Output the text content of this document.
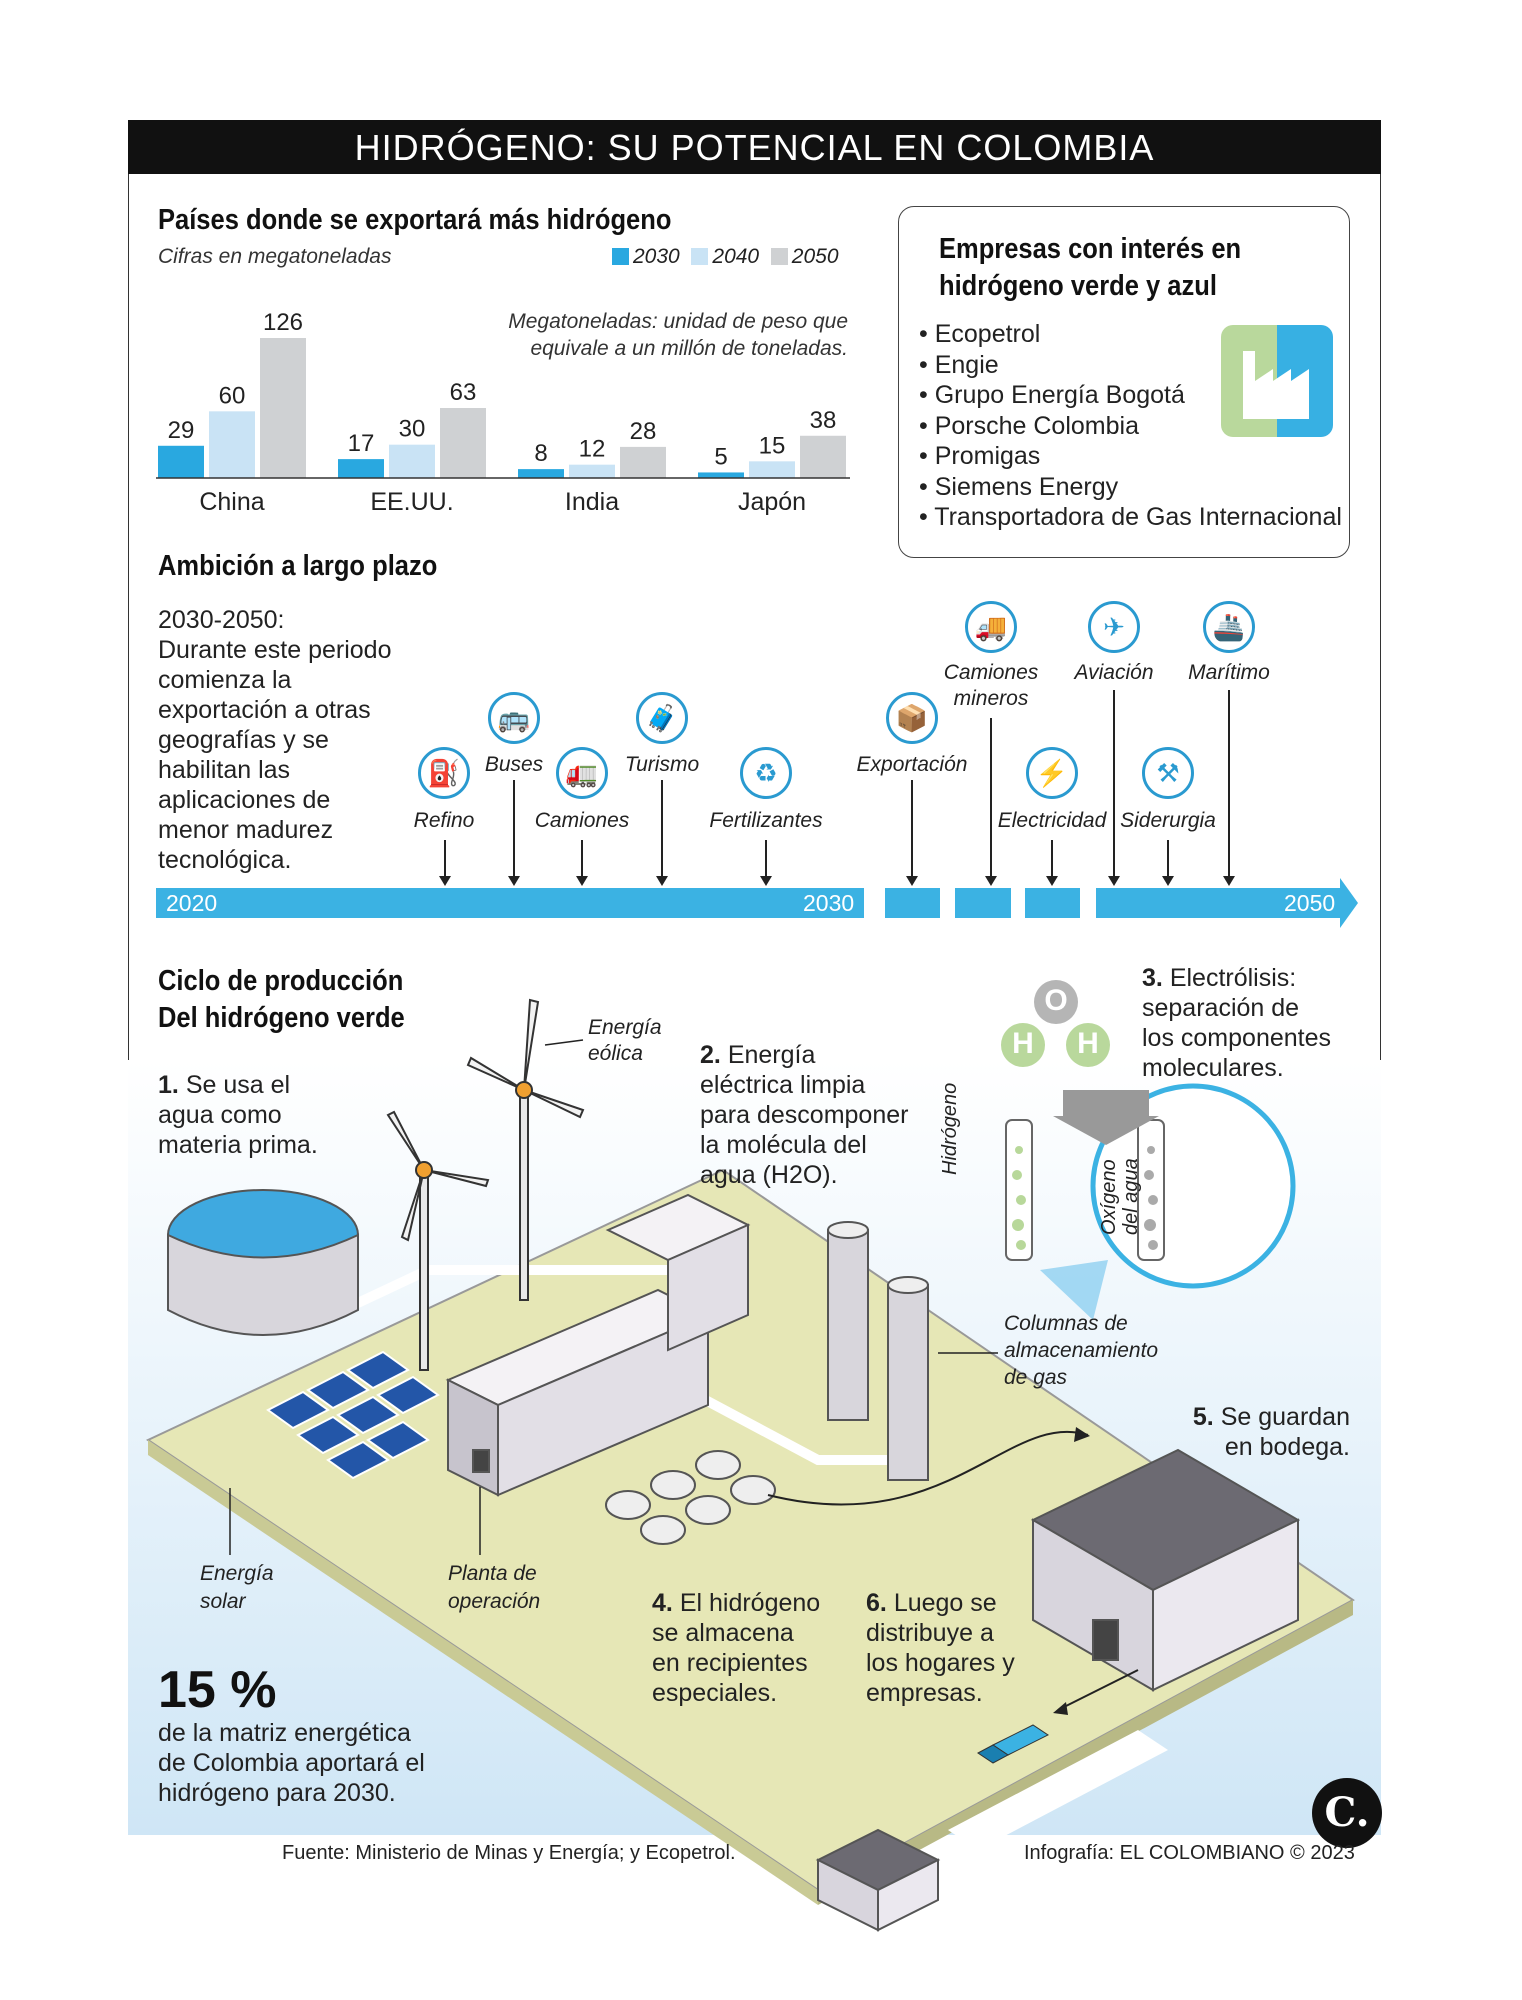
HIDRÓGENO: SU POTENCIAL EN COLOMBIA
Países donde se exportará más hidrógeno
Cifras en megatoneladas	2030 2040 2050
Megatoneladas: unidad de peso que equivale a un millón de toneladas.
29
60
126
China
17
30
63
EE.UU.
8 12
28
India
5 15
38
Japón
Empresas con interés en
hidrógeno verde y azul
• Ecopetrol
• Engie
• Grupo Energía Bogotá
• Porsche Colombia
• Promigas
• Siemens Energy
• Transportadora de Gas Internacional
Ambición a largo plazo
2030-2050:
Durante este periodo
comienza la
exportación a otras
geografías y se
habilitan las
aplicaciones de
menor madurez
tecnológica.
2020	2030	2050
⛽
Refino
🚌
Buses 🚛
Camiones
🧳
Turismo	♻
Fertilizantes
📦
Exportación
🚚
Camiones
mineros
⚡
Electricidad
✈
Aviación
⚒
Siderurgia
🚢
Marítimo
O
H H
Hidrógeno
Oxígeno del agua
Ciclo de producción
Del hidrógeno verde
1. Se usa el
agua como
materia prima.
2. Energía
eléctrica limpia
para descomponer
la molécula del
agua (H2O).
3. Electrólisis:
separación de
los componentes
moleculares.
4. El hidrógeno
se almacena
en recipientes
especiales.
5. Se guardan
en bodega.
6. Luego se
distribuye a
los hogares y
empresas.
Energía
eólica
Energía
solar
Planta de
operación
Columnas de
almacenamiento
de gas
15 %
de la matriz energética
de Colombia aportará el
hidrógeno para 2030.	C.
Fuente: Ministerio de Minas y Energía; y Ecopetrol.	Infografía: EL COLOMBIANO © 2023
